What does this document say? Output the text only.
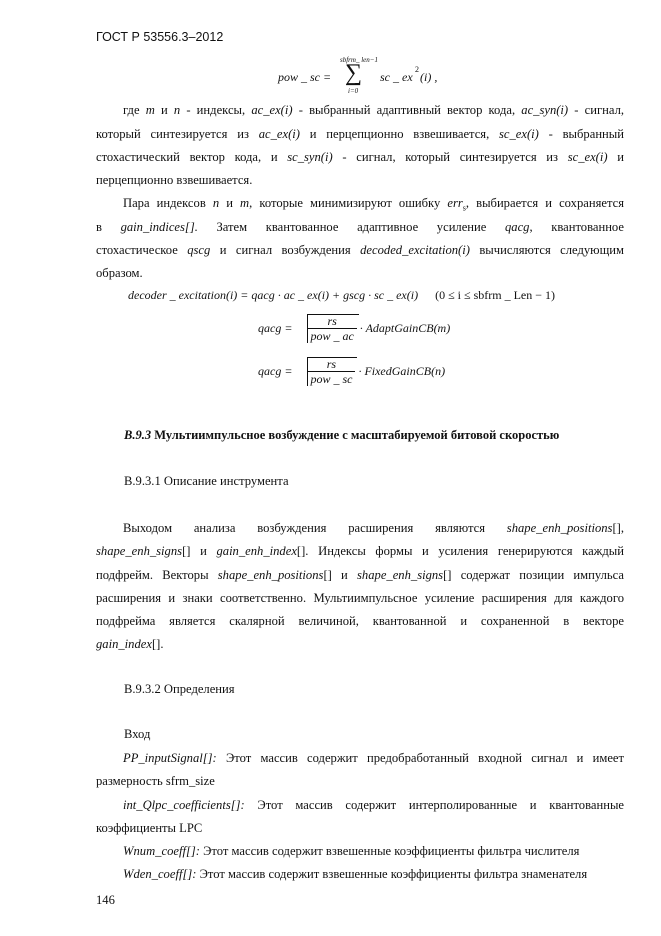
ГОСТ Р 53556.3–2012
pow _ sc =
sbfrm_ len−1
∑
i=0
sc _ ex
2
(i) ,
где m и n - индексы, ac_ex(i) - выбранный адаптивный вектор кода, ac_syn(i) - сигнал,
который синтезируется из ac_ex(i) и перцепционно взвешивается, sc_ex(i) - выбранный
стохастический вектор кода, и sc_syn(i) - сигнал, который синтезируется из sc_ex(i) и
перцепционно взвешивается.
Пара индексов n и m, которые минимизируют ошибку err$_s$, выбирается и сохраняется
в gain_indices[]. Затем квантованное адаптивное усиление qacg, квантованное
стохастическое qscg и сигнал возбуждения decoded_excitation(i) вычисляются следующим
образом.
decoder _ excitation(i) = qacg · ac _ ex(i) + gscg · sc _ ex(i) (0 ≤ i ≤ sbfrm _ Len − 1)
qacg = $\frac{rs}{\text{pow \_ ac}}$ · AdaptGainCB(m)
qacg = $\frac{rs}{\text{pow \_ sc}}$ · FixedGainCB(n)
B.9.3 Мультиимпульсное возбуждение с масштабируемой битовой скоростью
B.9.3.1 Описание инструмента
Выходом анализа возбуждения расширения являются shape_enh_positions[],
shape_enh_signs[] и gain_enh_index[]. Индексы формы и усиления генерируются каждый
подфрейм. Векторы shape_enh_positions[] и shape_enh_signs[] содержат позиции импульса
расширения и знаки соответственно. Мультиимпульсное усиление расширения для каждого
подфрейма является скалярной величиной, квантованной и сохраненной в векторе
gain_index[].
B.9.3.2 Определения
Вход
PP_inputSignal[]: Этот массив содержит предобработанный входной сигнал и имеет
размерность sfrm_size
int_Qlpc_coefficients[]: Этот массив содержит интерполированные и квантованные
коэффициенты LPC
Wnum_coeff[]: Этот массив содержит взвешенные коэффициенты фильтра числителя
Wden_coeff[]: Этот массив содержит взвешенные коэффициенты фильтра знаменателя
146
